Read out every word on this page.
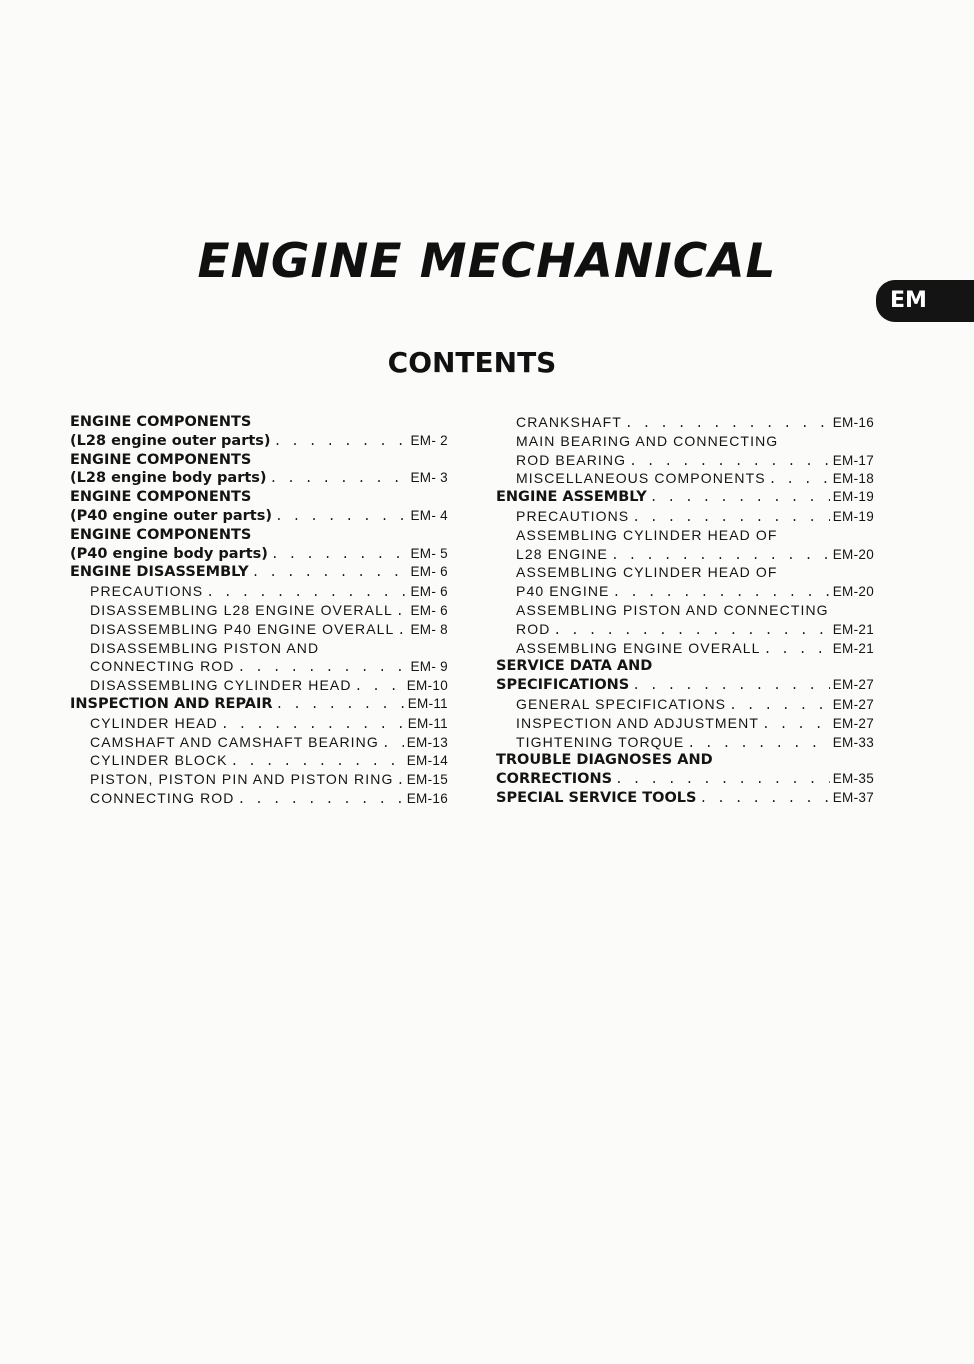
ENGINE MECHANICAL
EM
CONTENTS
ENGINE COMPONENTS
(L28 engine outer parts) . . .	EM- 2
ENGINE COMPONENTS
(L28 engine body parts) . . .	EM- 3
ENGINE COMPONENTS
(P40 engine outer parts) . . .	EM- 4
ENGINE COMPONENTS
(P40 engine body parts) . . .	EM- 5
ENGINE DISASSEMBLY . . .	EM- 6
PRECAUTIONS . . .	EM- 6
DISASSEMBLING L28 ENGINE OVERALL . . . EM- 6
DISASSEMBLING P40 ENGINE OVERALL . . . EM- 8
DISASSEMBLING PISTON AND
CONNECTING ROD . . .	EM- 9
DISASSEMBLING CYLINDER HEAD . . .	EM-10
INSPECTION AND REPAIR . . .	EM-11
CYLINDER HEAD . . .	EM-11
CAMSHAFT AND CAMSHAFT BEARING . . . EM-13
CYLINDER BLOCK . . .	EM-14
PISTON, PISTON PIN AND PISTON RING . . . EM-15
CONNECTING ROD . . .	EM-16
CRANKSHAFT . . .	EM-16
MAIN BEARING AND CONNECTING
ROD BEARING . . .	EM-17
MISCELLANEOUS COMPONENTS . . .	EM-18
ENGINE ASSEMBLY . . .	EM-19
PRECAUTIONS . . .	EM-19
ASSEMBLING CYLINDER HEAD OF
L28 ENGINE . . .	EM-20
ASSEMBLING CYLINDER HEAD OF
P40 ENGINE . . .	EM-20
ASSEMBLING PISTON AND CONNECTING
ROD . . .	EM-21
ASSEMBLING ENGINE OVERALL . . .	EM-21
SERVICE DATA AND
SPECIFICATIONS . . .	EM-27
GENERAL SPECIFICATIONS . . .	EM-27
INSPECTION AND ADJUSTMENT . . .	EM-27
TIGHTENING TORQUE . . .	EM-33
TROUBLE DIAGNOSES AND
CORRECTIONS . . .	EM-35
SPECIAL SERVICE TOOLS . . .	EM-37
